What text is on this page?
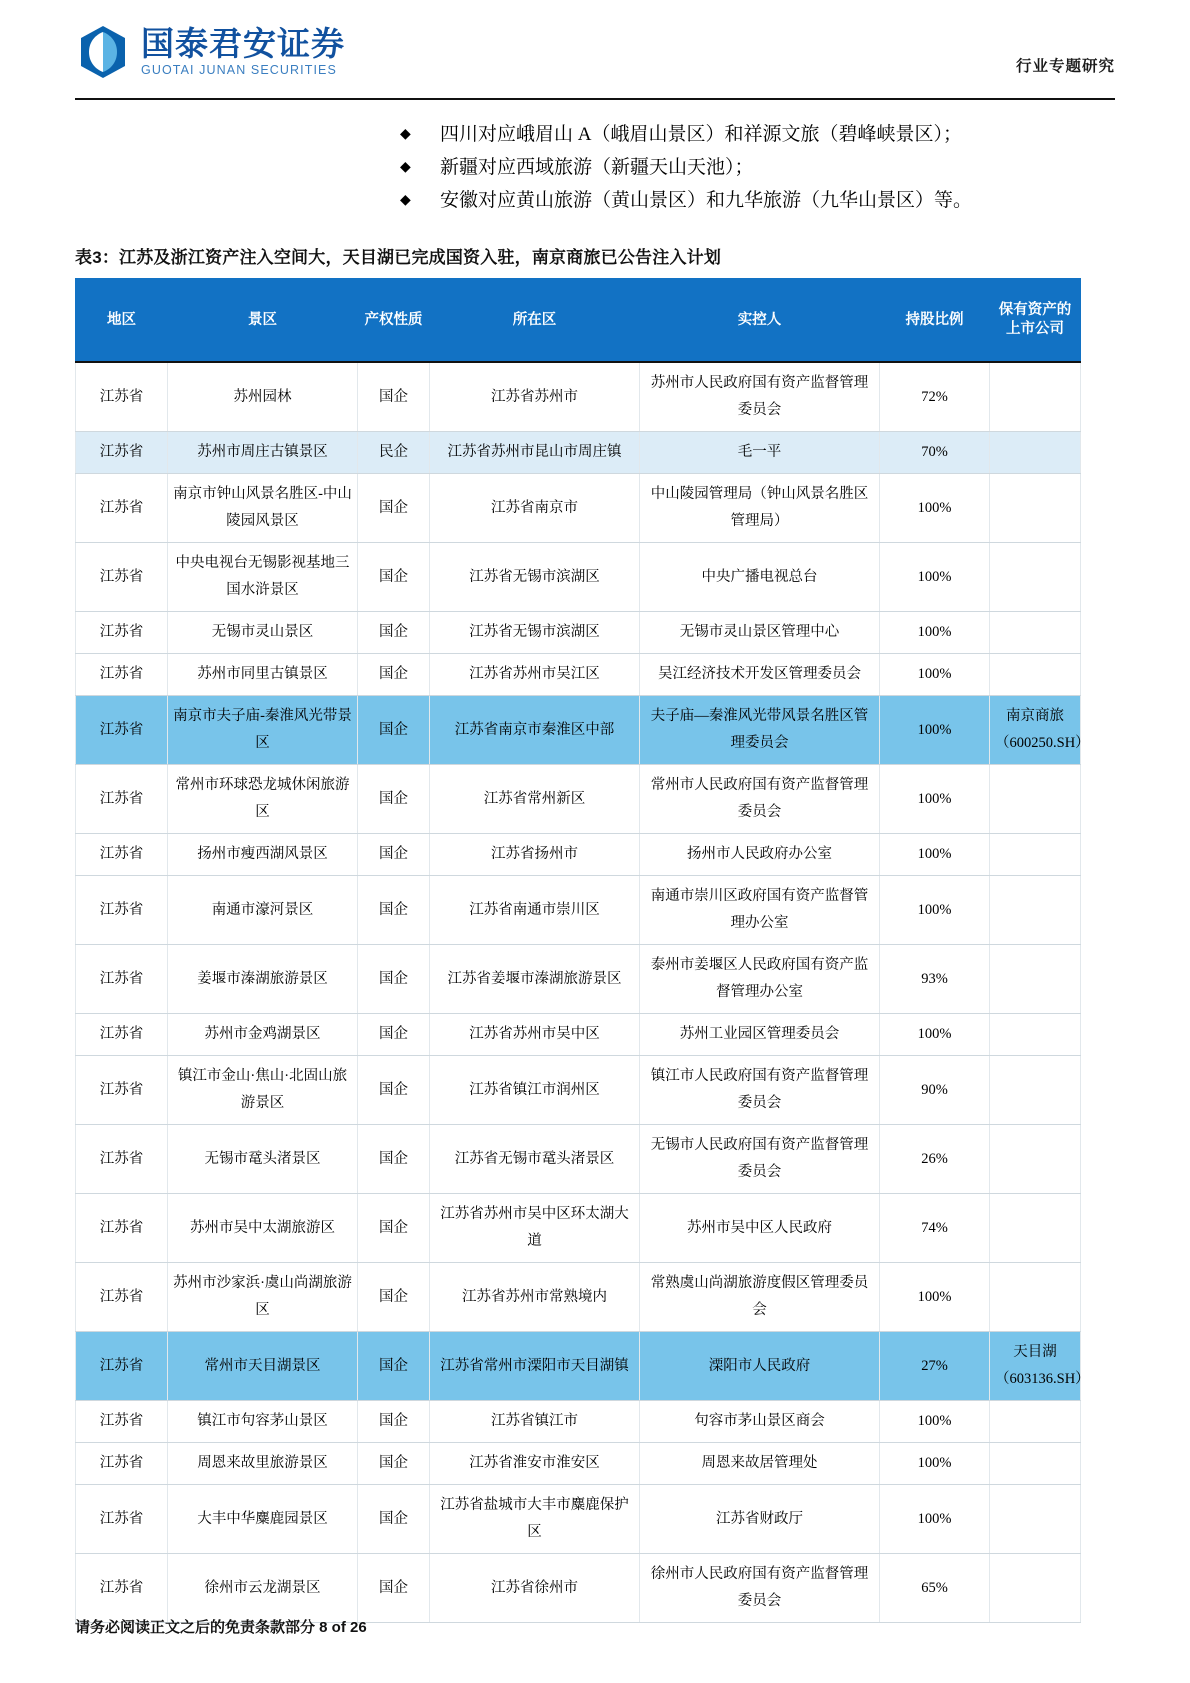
国泰君安证券
GUOTAI JUNAN SECURITIES	行业专题研究
◆	四川对应峨眉山 A（峨眉山景区）和祥源文旅（碧峰峡景区）；
◆	新疆对应西域旅游（新疆天山天池）；
◆	安徽对应黄山旅游（黄山景区）和九华旅游（九华山景区）等。
表3：江苏及浙江资产注入空间大，天目湖已完成国资入驻，南京商旅已公告注入计划
地区	景区	产权性质	所在区	实控人	持股比例	保有资产的上市公司
江苏省	苏州园林	国企	江苏省苏州市	苏州市人民政府国有资产监督管理委员会	72%	
江苏省	苏州市周庄古镇景区	民企	江苏省苏州市昆山市周庄镇	毛一平	70%	
江苏省	南京市钟山风景名胜区-中山陵园风景区	国企	江苏省南京市	中山陵园管理局（钟山风景名胜区管理局）	100%	
江苏省	中央电视台无锡影视基地三国水浒景区	国企	江苏省无锡市滨湖区	中央广播电视总台	100%	
江苏省	无锡市灵山景区	国企	江苏省无锡市滨湖区	无锡市灵山景区管理中心	100%	
江苏省	苏州市同里古镇景区	国企	江苏省苏州市吴江区	吴江经济技术开发区管理委员会	100%	
江苏省	南京市夫子庙-秦淮风光带景区	国企	江苏省南京市秦淮区中部	夫子庙—秦淮风光带风景名胜区管理委员会	100%	南京商旅（600250.SH）
江苏省	常州市环球恐龙城休闲旅游区	国企	江苏省常州新区	常州市人民政府国有资产监督管理委员会	100%	
江苏省	扬州市瘦西湖风景区	国企	江苏省扬州市	扬州市人民政府办公室	100%	
江苏省	南通市濠河景区	国企	江苏省南通市崇川区	南通市崇川区政府国有资产监督管理办公室	100%	
江苏省	姜堰市溱湖旅游景区	国企	江苏省姜堰市溱湖旅游景区	泰州市姜堰区人民政府国有资产监督管理办公室	93%	
江苏省	苏州市金鸡湖景区	国企	江苏省苏州市吴中区	苏州工业园区管理委员会	100%	
江苏省	镇江市金山·焦山·北固山旅游景区	国企	江苏省镇江市润州区	镇江市人民政府国有资产监督管理委员会	90%	
江苏省	无锡市鼋头渚景区	国企	江苏省无锡市鼋头渚景区	无锡市人民政府国有资产监督管理委员会	26%	
江苏省	苏州市吴中太湖旅游区	国企	江苏省苏州市吴中区环太湖大道	苏州市吴中区人民政府	74%	
江苏省	苏州市沙家浜·虞山尚湖旅游区	国企	江苏省苏州市常熟境内	常熟虞山尚湖旅游度假区管理委员会	100%	
江苏省	常州市天目湖景区	国企	江苏省常州市溧阳市天目湖镇	溧阳市人民政府	27%	天目湖（603136.SH）
江苏省	镇江市句容茅山景区	国企	江苏省镇江市	句容市茅山景区商会	100%	
江苏省	周恩来故里旅游景区	国企	江苏省淮安市淮安区	周恩来故居管理处	100%	
江苏省	大丰中华麋鹿园景区	国企	江苏省盐城市大丰市麋鹿保护区	江苏省财政厅	100%	
江苏省	徐州市云龙湖景区	国企	江苏省徐州市	徐州市人民政府国有资产监督管理委员会	65%	
请务必阅读正文之后的免责条款部分 8 of 26
